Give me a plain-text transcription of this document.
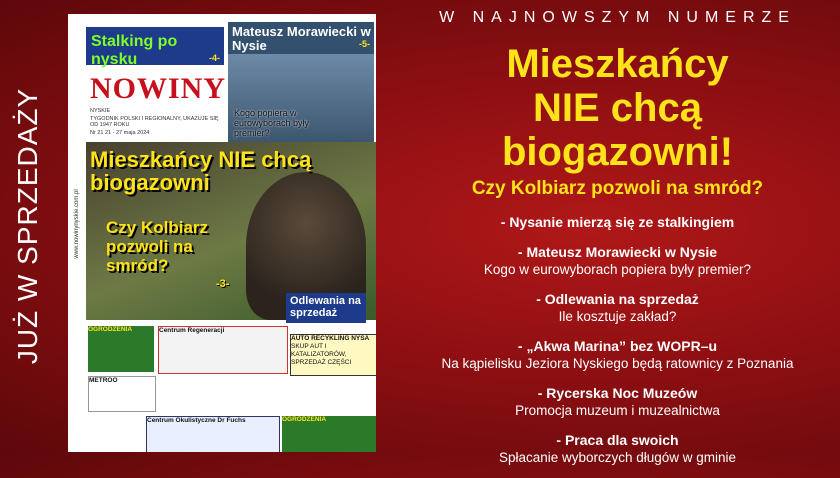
JUŻ W SPRZEDAŻY	www.nowinynyskie.com.pl
Stalking po nysku	-4-
Mateusz Morawiecki w Nysie	-5-
Kogo popiera w eurowyborach były premier?
NOWINY
NYSKIE
TYGODNIK POLSKI I REGIONALNY, UKAZUJE SIĘ OD 1947 ROKU
Nr 21 21 - 27 maja 2024
Mieszkańcy NIE chcą biogazowni
Czy Kolbiarz pozwoli na smród?
-3-
Odlewania na sprzedaż
OGRODZENIA	Centrum Regeneracji
AUTO RECYKLING NYSA
SKUP AUT I KATALIZATORÓW, SPRZEDAŻ CZĘŚCI
METROO
Centrum Okulistyczne Dr Fuchs	OGRODZENIA
W NAJNOWSZYM NUMERZE
Mieszkańcy
NIE chcą
biogazowni!
Czy Kolbiarz pozwoli na smród?
- Nysanie mierzą się ze stalkingiem
- Mateusz Morawiecki w Nysie
Kogo w eurowyborach popiera były premier?
- Odlewania na sprzedaż
Ile kosztuje zakład?
- „Akwa Marina” bez WOPR–u
Na kąpielisku Jeziora Nyskiego będą ratownicy z Poznania
- Rycerska Noc Muzeów
Promocja muzeum i muzealnictwa
- Praca dla swoich
Spłacanie wyborczych długów w gminie
